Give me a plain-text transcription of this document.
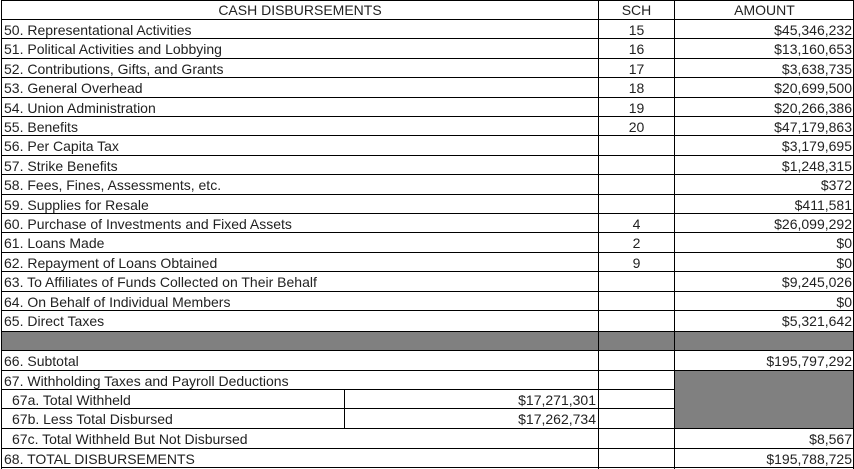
CASH DISBURSEMENTS	SCH	AMOUNT
50. Representational Activities	15	$45,346,232
51. Political Activities and Lobbying	16	$13,160,653
52. Contributions, Gifts, and Grants	17	$3,638,735
53. General Overhead	18	$20,699,500
54. Union Administration	19	$20,266,386
55. Benefits	20	$47,179,863
56. Per Capita Tax	$3,179,695
57. Strike Benefits	$1,248,315
58. Fees, Fines, Assessments, etc.	$372
59. Supplies for Resale	$411,581
60. Purchase of Investments and Fixed Assets	4	$26,099,292
61. Loans Made	2	$0
62. Repayment of Loans Obtained	9	$0
63. To Affiliates of Funds Collected on Their Behalf	$9,245,026
64. On Behalf of Individual Members	$0
65. Direct Taxes	$5,321,642
66. Subtotal	$195,797,292
67. Withholding Taxes and Payroll Deductions
67a. Total Withheld	$17,271,301
67b. Less Total Disbursed	$17,262,734
67c. Total Withheld But Not Disbursed	$8,567
68. TOTAL DISBURSEMENTS	$195,788,725
